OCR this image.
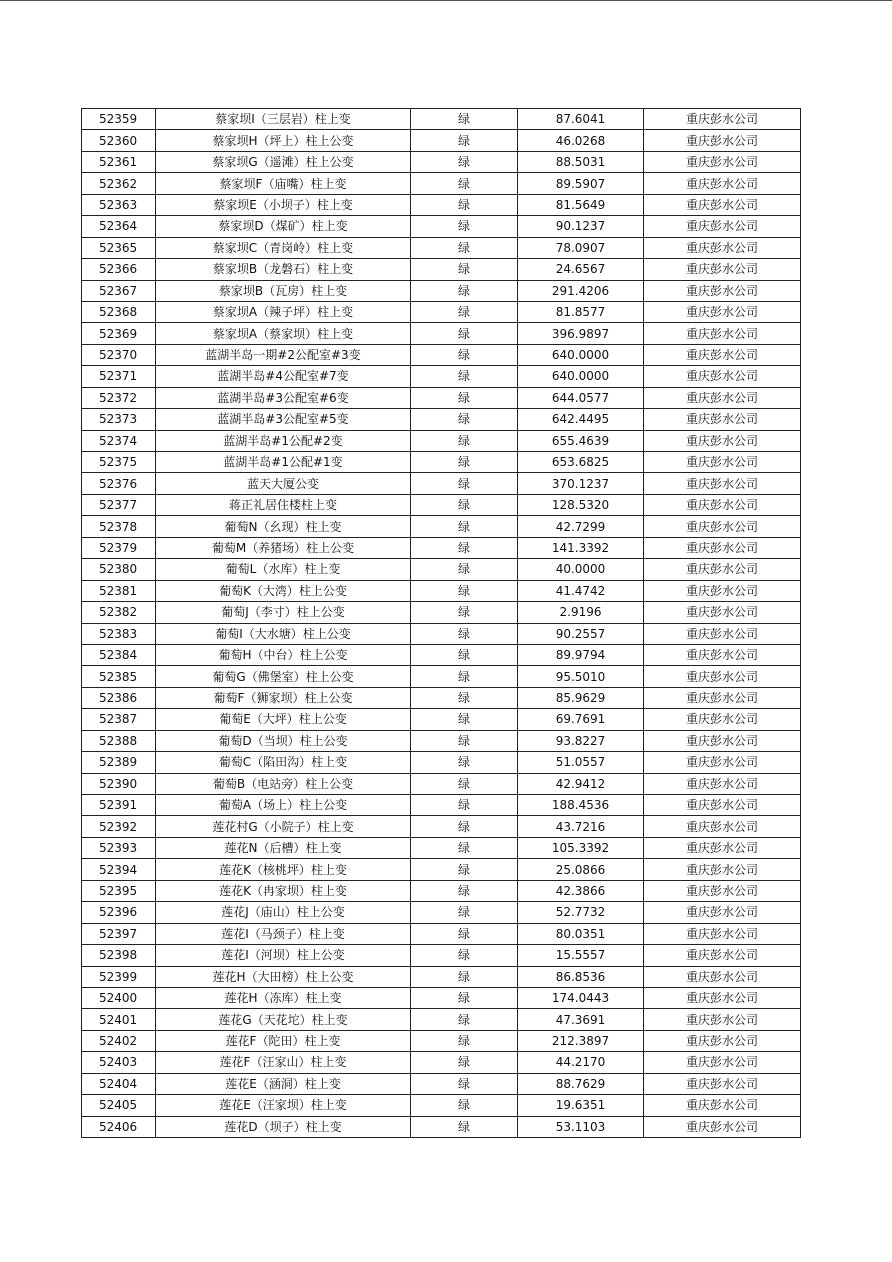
52359	蔡家坝I（三层岩）柱上变	绿	87.6041	重庆彭水公司
52360	蔡家坝H（坪上）柱上公变	绿	46.0268	重庆彭水公司
52361	蔡家坝G（遥滩）柱上公变	绿	88.5031	重庆彭水公司
52362	蔡家坝F（庙嘴）柱上变	绿	89.5907	重庆彭水公司
52363	蔡家坝E（小坝子）柱上变	绿	81.5649	重庆彭水公司
52364	蔡家坝D（煤矿）柱上变	绿	90.1237	重庆彭水公司
52365	蔡家坝C（青岗岭）柱上变	绿	78.0907	重庆彭水公司
52366	蔡家坝B（龙磐石）柱上变	绿	24.6567	重庆彭水公司
52367	蔡家坝B（瓦房）柱上变	绿	291.4206	重庆彭水公司
52368	蔡家坝A（辣子坪）柱上变	绿	81.8577	重庆彭水公司
52369	蔡家坝A（蔡家坝）柱上变	绿	396.9897	重庆彭水公司
52370	蓝湖半岛一期#2公配室#3变	绿	640.0000	重庆彭水公司
52371	蓝湖半岛#4公配室#7变	绿	640.0000	重庆彭水公司
52372	蓝湖半岛#3公配室#6变	绿	644.0577	重庆彭水公司
52373	蓝湖半岛#3公配室#5变	绿	642.4495	重庆彭水公司
52374	蓝湖半岛#1公配#2变	绿	655.4639	重庆彭水公司
52375	蓝湖半岛#1公配#1变	绿	653.6825	重庆彭水公司
52376	蓝天大厦公变	绿	370.1237	重庆彭水公司
52377	蒋正礼居住楼柱上变	绿	128.5320	重庆彭水公司
52378	葡萄N（幺现）柱上变	绿	42.7299	重庆彭水公司
52379	葡萄M（养猪场）柱上公变	绿	141.3392	重庆彭水公司
52380	葡萄L（水库）柱上变	绿	40.0000	重庆彭水公司
52381	葡萄K（大湾）柱上公变	绿	41.4742	重庆彭水公司
52382	葡萄J（李寸）柱上公变	绿	2.9196	重庆彭水公司
52383	葡萄I（大水塘）柱上公变	绿	90.2557	重庆彭水公司
52384	葡萄H（中台）柱上公变	绿	89.9794	重庆彭水公司
52385	葡萄G（佛堡室）柱上公变	绿	95.5010	重庆彭水公司
52386	葡萄F（狮家坝）柱上公变	绿	85.9629	重庆彭水公司
52387	葡萄E（大坪）柱上公变	绿	69.7691	重庆彭水公司
52388	葡萄D（当坝）柱上公变	绿	93.8227	重庆彭水公司
52389	葡萄C（陷田沟）柱上变	绿	51.0557	重庆彭水公司
52390	葡萄B（电站旁）柱上公变	绿	42.9412	重庆彭水公司
52391	葡萄A（场上）柱上公变	绿	188.4536	重庆彭水公司
52392	莲花村G（小院子）柱上变	绿	43.7216	重庆彭水公司
52393	莲花N（后槽）柱上变	绿	105.3392	重庆彭水公司
52394	莲花K（核桃坪）柱上变	绿	25.0866	重庆彭水公司
52395	莲花K（冉家坝）柱上变	绿	42.3866	重庆彭水公司
52396	莲花J（庙山）柱上公变	绿	52.7732	重庆彭水公司
52397	莲花I（马颈子）柱上变	绿	80.0351	重庆彭水公司
52398	莲花I（河坝）柱上公变	绿	15.5557	重庆彭水公司
52399	莲花H（大田榜）柱上公变	绿	86.8536	重庆彭水公司
52400	莲花H（冻库）柱上变	绿	174.0443	重庆彭水公司
52401	莲花G（天花坨）柱上变	绿	47.3691	重庆彭水公司
52402	莲花F（陀田）柱上变	绿	212.3897	重庆彭水公司
52403	莲花F（汪家山）柱上变	绿	44.2170	重庆彭水公司
52404	莲花E（涵洞）柱上变	绿	88.7629	重庆彭水公司
52405	莲花E（汪家坝）柱上变	绿	19.6351	重庆彭水公司
52406	莲花D（坝子）柱上变	绿	53.1103	重庆彭水公司
